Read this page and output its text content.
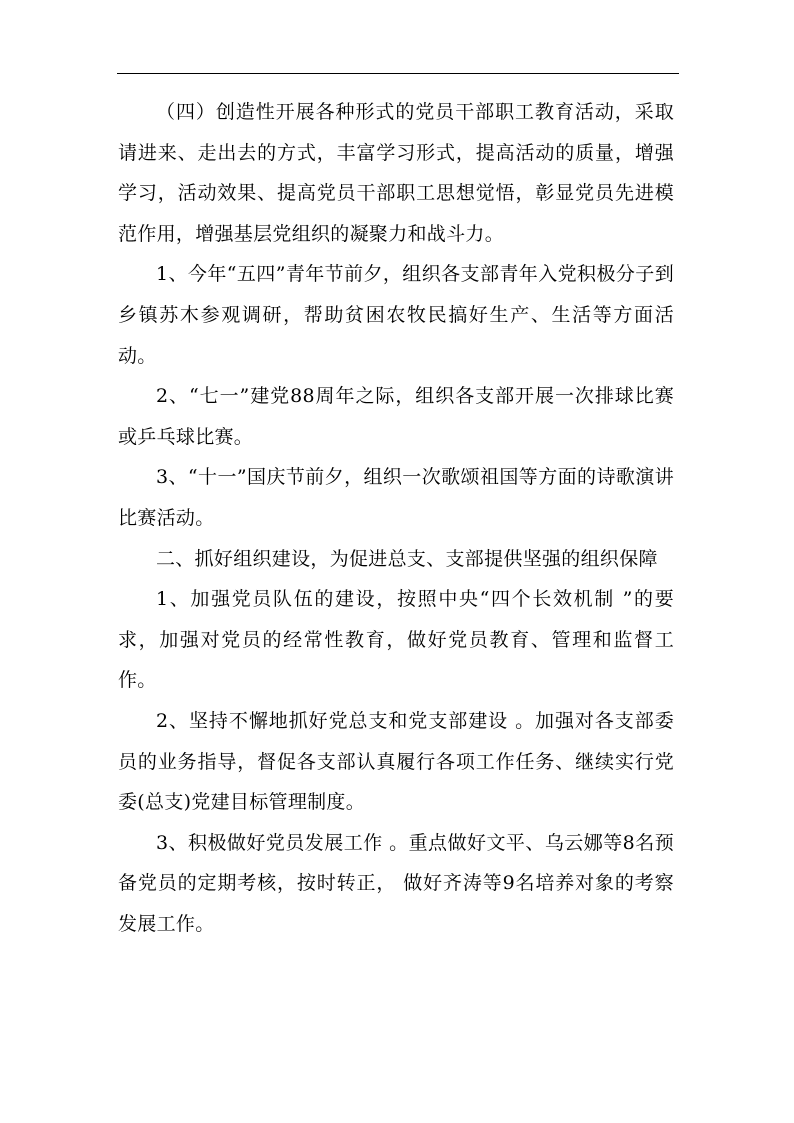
（四）创造性开展各种形式的党员干部职工教育活动，采取请进来、走出去的方式，丰富学习形式，提高活动的质量，增强学习，活动效果、提高党员干部职工思想觉悟，彰显党员先进模范作用，增强基层党组织的凝聚力和战斗力。

1、今年“五四”青年节前夕，组织各支部青年入党积极分子到乡镇苏木参观调研，帮助贫困农牧民搞好生产、生活等方面活动。

2、“七一”建党88周年之际，组织各支部开展一次排球比赛或乒乓球比赛。

3、“十一”国庆节前夕，组织一次歌颂祖国等方面的诗歌演讲比赛活动。

二、抓好组织建设，为促进总支、支部提供坚强的组织保障

1、加强党员队伍的建设，按照中央“四个长效机制 ”的要求，加强对党员的经常性教育，做好党员教育、管理和监督工作。

2、坚持不懈地抓好党总支和党支部建设 。加强对各支部委员的业务指导，督促各支部认真履行各项工作任务、继续实行党委(总支)党建目标管理制度。

3、积极做好党员发展工作 。重点做好文平、乌云娜等8名预备党员的定期考核，按时转正， 做好齐涛等9名培养对象的考察发展工作。
